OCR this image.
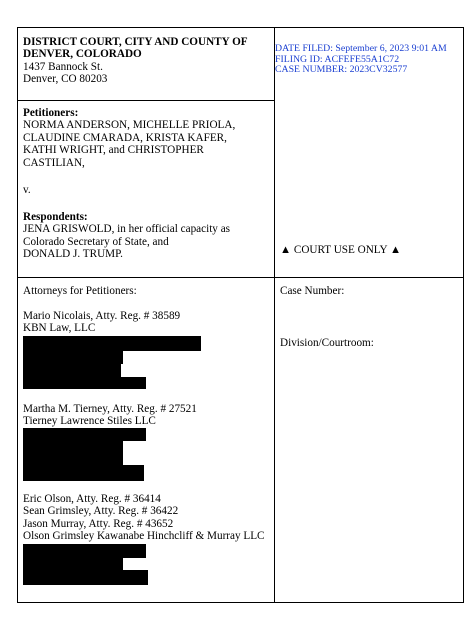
DISTRICT COURT, CITY AND COUNTY OF
DENVER, COLORADO
1437 Bannock St.
Denver, CO 80203
DATE FILED: September 6, 2023 9:01 AM
FILING ID: ACFEFE55A1C72
CASE NUMBER: 2023CV32577
Petitioners:
NORMA ANDERSON, MICHELLE PRIOLA,
CLAUDINE CMARADA, KRISTA KAFER,
KATHI WRIGHT, and CHRISTOPHER
CASTILIAN,
v.
Respondents:
JENA GRISWOLD, in her official capacity as
Colorado Secretary of State, and
DONALD J. TRUMP.	▲ COURT USE ONLY ▲
Attorneys for Petitioners:
Mario Nicolais, Atty. Reg. # 38589
KBN Law, LLC
Martha M. Tierney, Atty. Reg. # 27521
Tierney Lawrence Stiles LLC
Eric Olson, Atty. Reg. # 36414
Sean Grimsley, Atty. Reg. # 36422
Jason Murray, Atty. Reg. # 43652
Olson Grimsley Kawanabe Hinchcliff & Murray LLC
Case Number:
Division/Courtroom:
